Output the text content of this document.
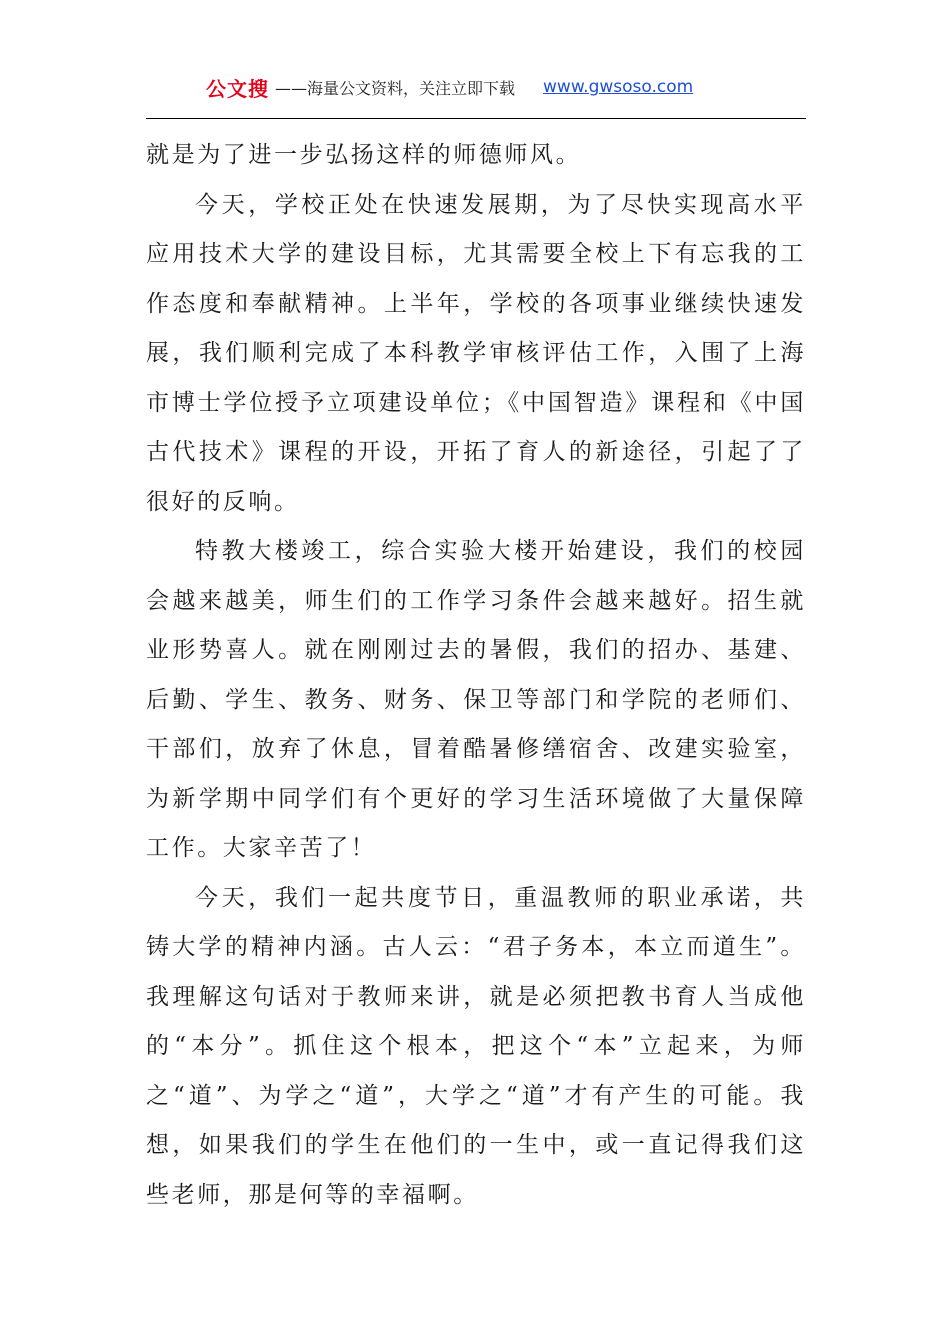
公文搜 ——海量公文资料，关注立即下载 www.gwsoso.com

就是为了进一步弘扬这样的师德师风。

今天，学校正处在快速发展期，为了尽快实现高水平应用技术大学的建设目标，尤其需要全校上下有忘我的工作态度和奉献精神。上半年，学校的各项事业继续快速发展，我们顺利完成了本科教学审核评估工作，入围了上海市博士学位授予立项建设单位；《中国智造》课程和《中国古代技术》课程的开设，开拓了育人的新途径，引起了了很好的反响。

特教大楼竣工，综合实验大楼开始建设，我们的校园会越来越美，师生们的工作学习条件会越来越好。招生就业形势喜人。就在刚刚过去的暑假，我们的招办、基建、后勤、学生、教务、财务、保卫等部门和学院的老师们、干部们，放弃了休息，冒着酷暑修缮宿舍、改建实验室，为新学期中同学们有个更好的学习生活环境做了大量保障工作。大家辛苦了！

今天，我们一起共度节日，重温教师的职业承诺，共铸大学的精神内涵。古人云：“君子务本，本立而道生”。我理解这句话对于教师来讲，就是必须把教书育人当成他的“本分”。抓住这个根本，把这个“本”立起来，为师之“道”、为学之“道”，大学之“道”才有产生的可能。我想，如果我们的学生在他们的一生中，或一直记得我们这些老师，那是何等的幸福啊。
